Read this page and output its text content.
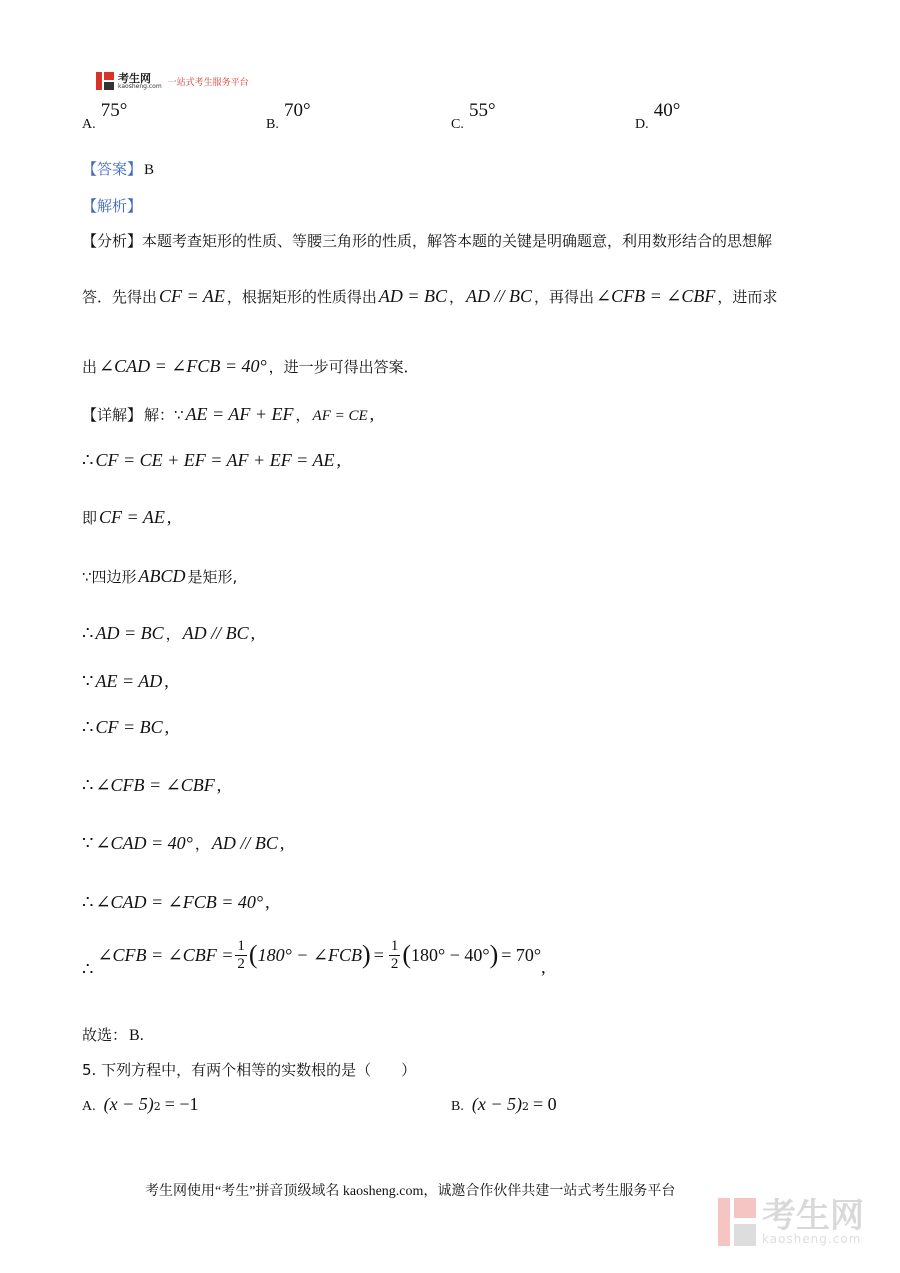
考生网
kaosheng.com 一站式考生服务平台
A. 75°
B. 70°
C. 55°
D. 40°
【答案】 B
【解析】
【分析】本题考查矩形的性质、等腰三角形的性质，解答本题的关键是明确题意，利用数形结合的思想解
答．先得出 CF = AE ，根据矩形的性质得出 AD = BC ， AD // BC ，再得出 ∠CFB = ∠CBF ，进而求
出 ∠CAD = ∠FCB = 40° ，进一步可得出答案．
【详解】 解：∵ AE = AF + EF ， AF = CE ,
∴ CF = CE + EF = AF + EF = AE ,
即 CF = AE ,
∵四边形 ABCD 是矩形,
∴ AD = BC ， AD // BC ,
∵ AE = AD ,
∴ CF = BC ,
∴ ∠CFB = ∠CBF ,
∵ ∠CAD = 40° ， AD // BC ,
∴ ∠CAD = ∠FCB = 40° ,
∴
∠CFB = ∠CBF = $\frac{1}{2}$ ( 180° − ∠FCB ) = $\frac{1}{2}$ ( 180° − 40° ) = 70°
,
故选： B.
5. 下列方程中，有两个相等的实数根的是（　　）
A. (x − 5) 2 = −1	B. (x − 5) 2 = 0
考生网使用“考生”拼音顶级域名 kaosheng.com，诚邀合作伙伴共建一站式考生服务平台
考生网
kaosheng.com
